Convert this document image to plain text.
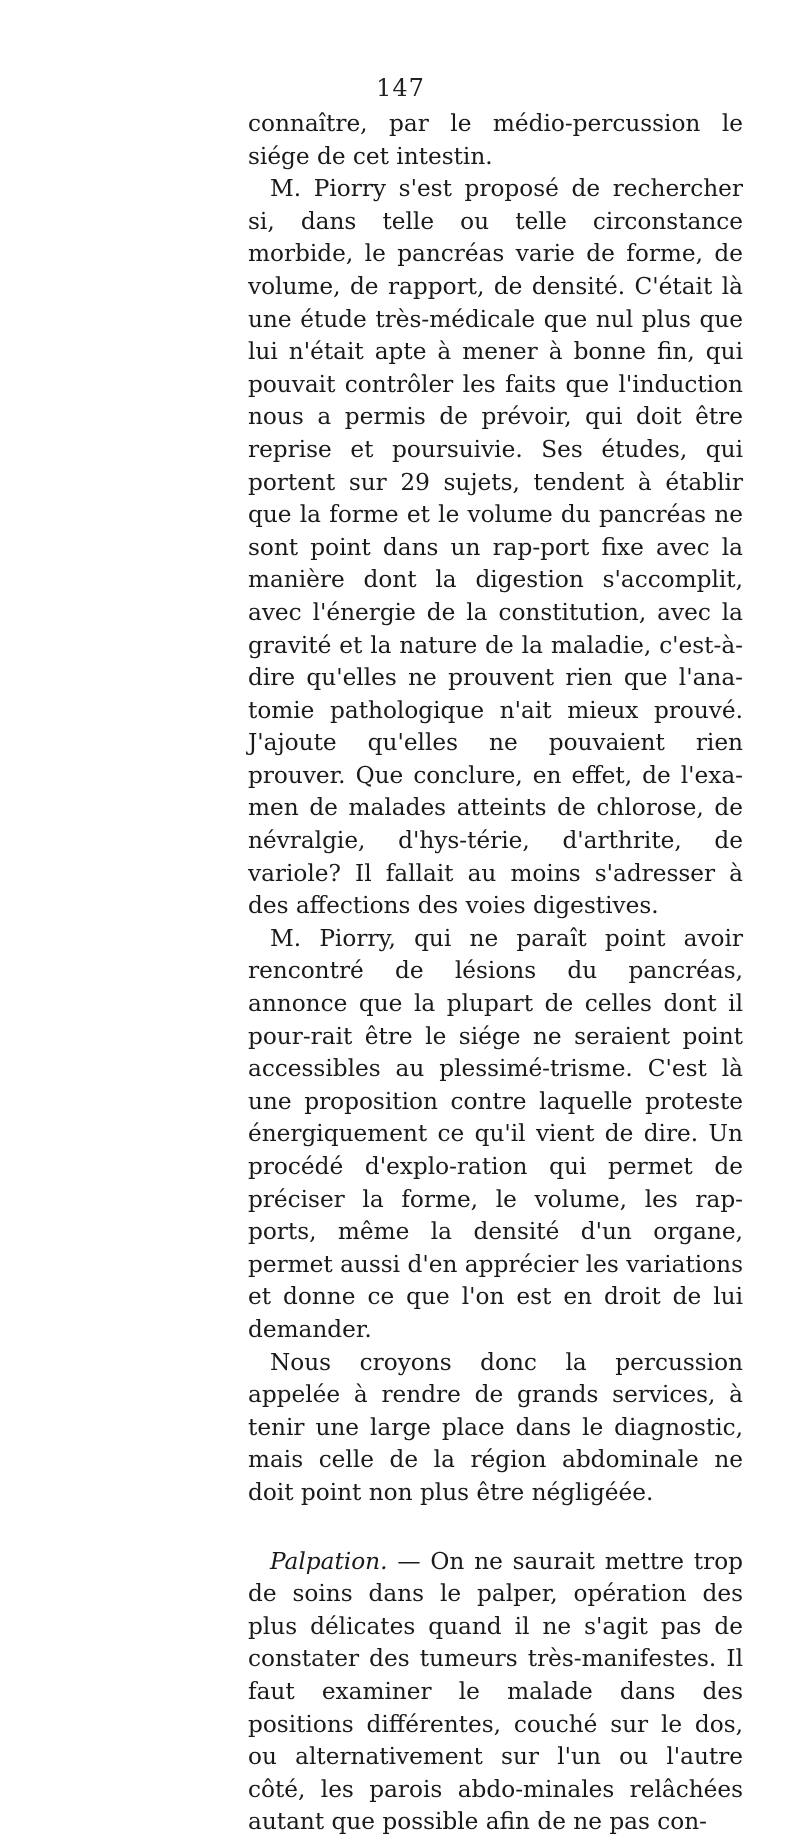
147

connaître, par le médio-percussion le siége de cet intestin.

M. Piorry s'est proposé de rechercher si, dans telle ou telle circonstance morbide, le pancréas varie de forme, de volume, de rapport, de densité. C'était là une étude très-médicale que nul plus que lui n'était apte à mener à bonne fin, qui pouvait contrôler les faits que l'induction nous a permis de prévoir, qui doit être reprise et poursuivie. Ses études, qui portent sur 29 sujets, tendent à établir que la forme et le volume du pancréas ne sont point dans un rap-port fixe avec la manière dont la digestion s'accomplit, avec l'énergie de la constitution, avec la gravité et la nature de la maladie, c'est-à-dire qu'elles ne prouvent rien que l'ana-tomie pathologique n'ait mieux prouvé. J'ajoute qu'elles ne pouvaient rien prouver. Que conclure, en effet, de l'exa-men de malades atteints de chlorose, de névralgie, d'hys-térie, d'arthrite, de variole? Il fallait au moins s'adresser à des affections des voies digestives.

M. Piorry, qui ne paraît point avoir rencontré de lésions du pancréas, annonce que la plupart de celles dont il pour-rait être le siége ne seraient point accessibles au plessimé-trisme. C'est là une proposition contre laquelle proteste énergiquement ce qu'il vient de dire. Un procédé d'explo-ration qui permet de préciser la forme, le volume, les rap-ports, même la densité d'un organe, permet aussi d'en apprécier les variations et donne ce que l'on est en droit de lui demander.

Nous croyons donc la percussion appelée à rendre de grands services, à tenir une large place dans le diagnostic, mais celle de la région abdominale ne doit point non plus être négligéée.

Palpation. — On ne saurait mettre trop de soins dans le palper, opération des plus délicates quand il ne s'agit pas de constater des tumeurs très-manifestes. Il faut examiner le malade dans des positions différentes, couché sur le dos, ou alternativement sur l'un ou l'autre côté, les parois abdo-minales relâchées autant que possible afin de ne pas con-
